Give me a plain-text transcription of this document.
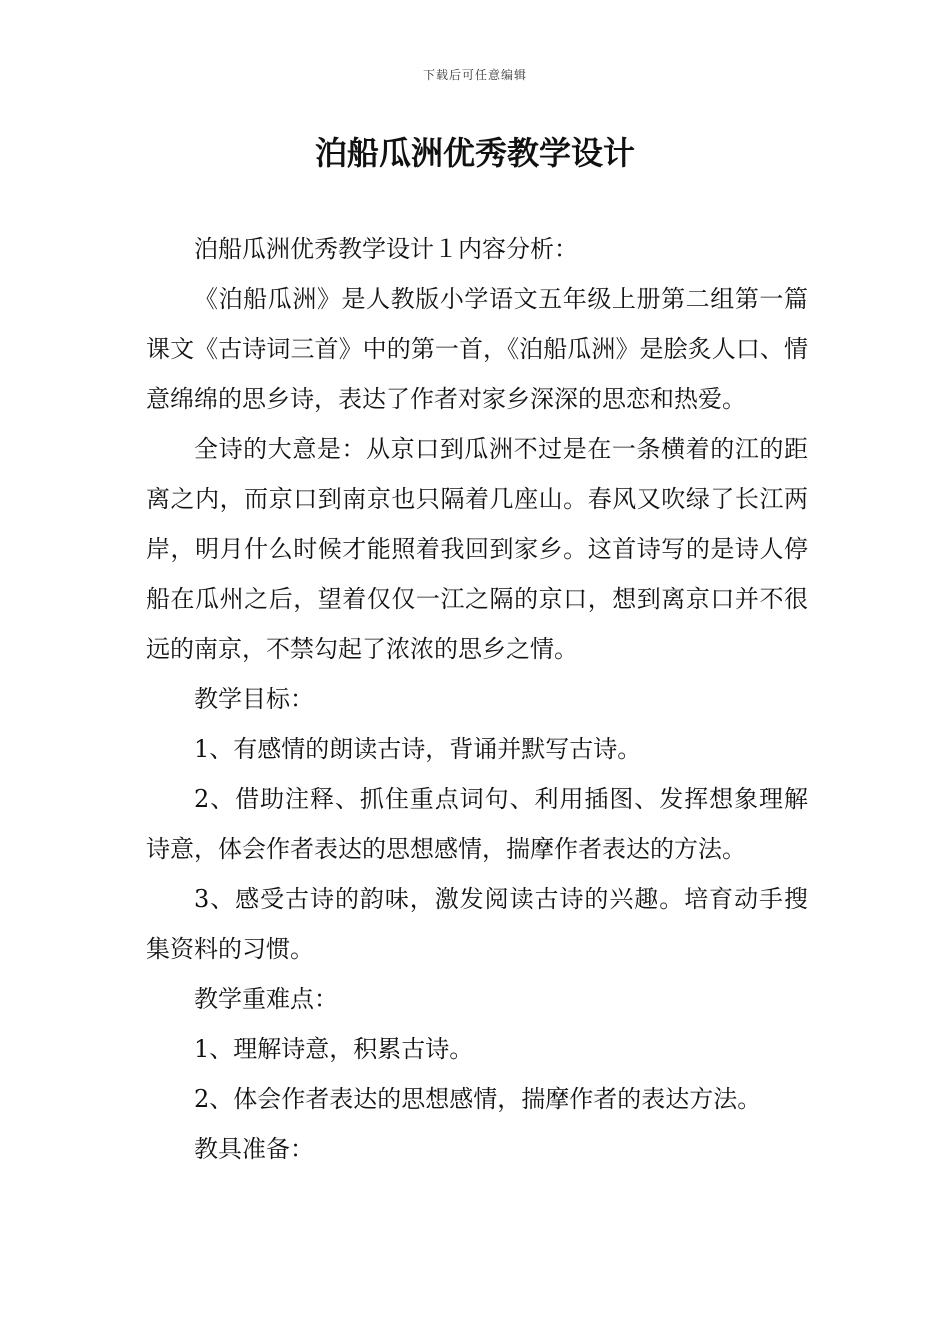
下载后可任意编辑
泊船瓜洲优秀教学设计

泊船瓜洲优秀教学设计１内容分析：

《泊船瓜洲》是人教版小学语文五年级上册第二组第一篇课文《古诗词三首》中的第一首，《泊船瓜洲》是脍炙人口、情意绵绵的思乡诗，表达了作者对家乡深深的思恋和热爱。

全诗的大意是：从京口到瓜洲不过是在一条横着的江的距离之内，而京口到南京也只隔着几座山。春风又吹绿了长江两岸，明月什么时候才能照着我回到家乡。这首诗写的是诗人停船在瓜州之后，望着仅仅一江之隔的京口，想到离京口并不很远的南京，不禁勾起了浓浓的思乡之情。

教学目标：

1、有感情的朗读古诗，背诵并默写古诗。

2、借助注释、抓住重点词句、利用插图、发挥想象理解诗意，体会作者表达的思想感情，揣摩作者表达的方法。

3、感受古诗的韵味，激发阅读古诗的兴趣。培育动手搜集资料的习惯。

教学重难点：

1、理解诗意，积累古诗。

2、体会作者表达的思想感情，揣摩作者的表达方法。

教具准备：
